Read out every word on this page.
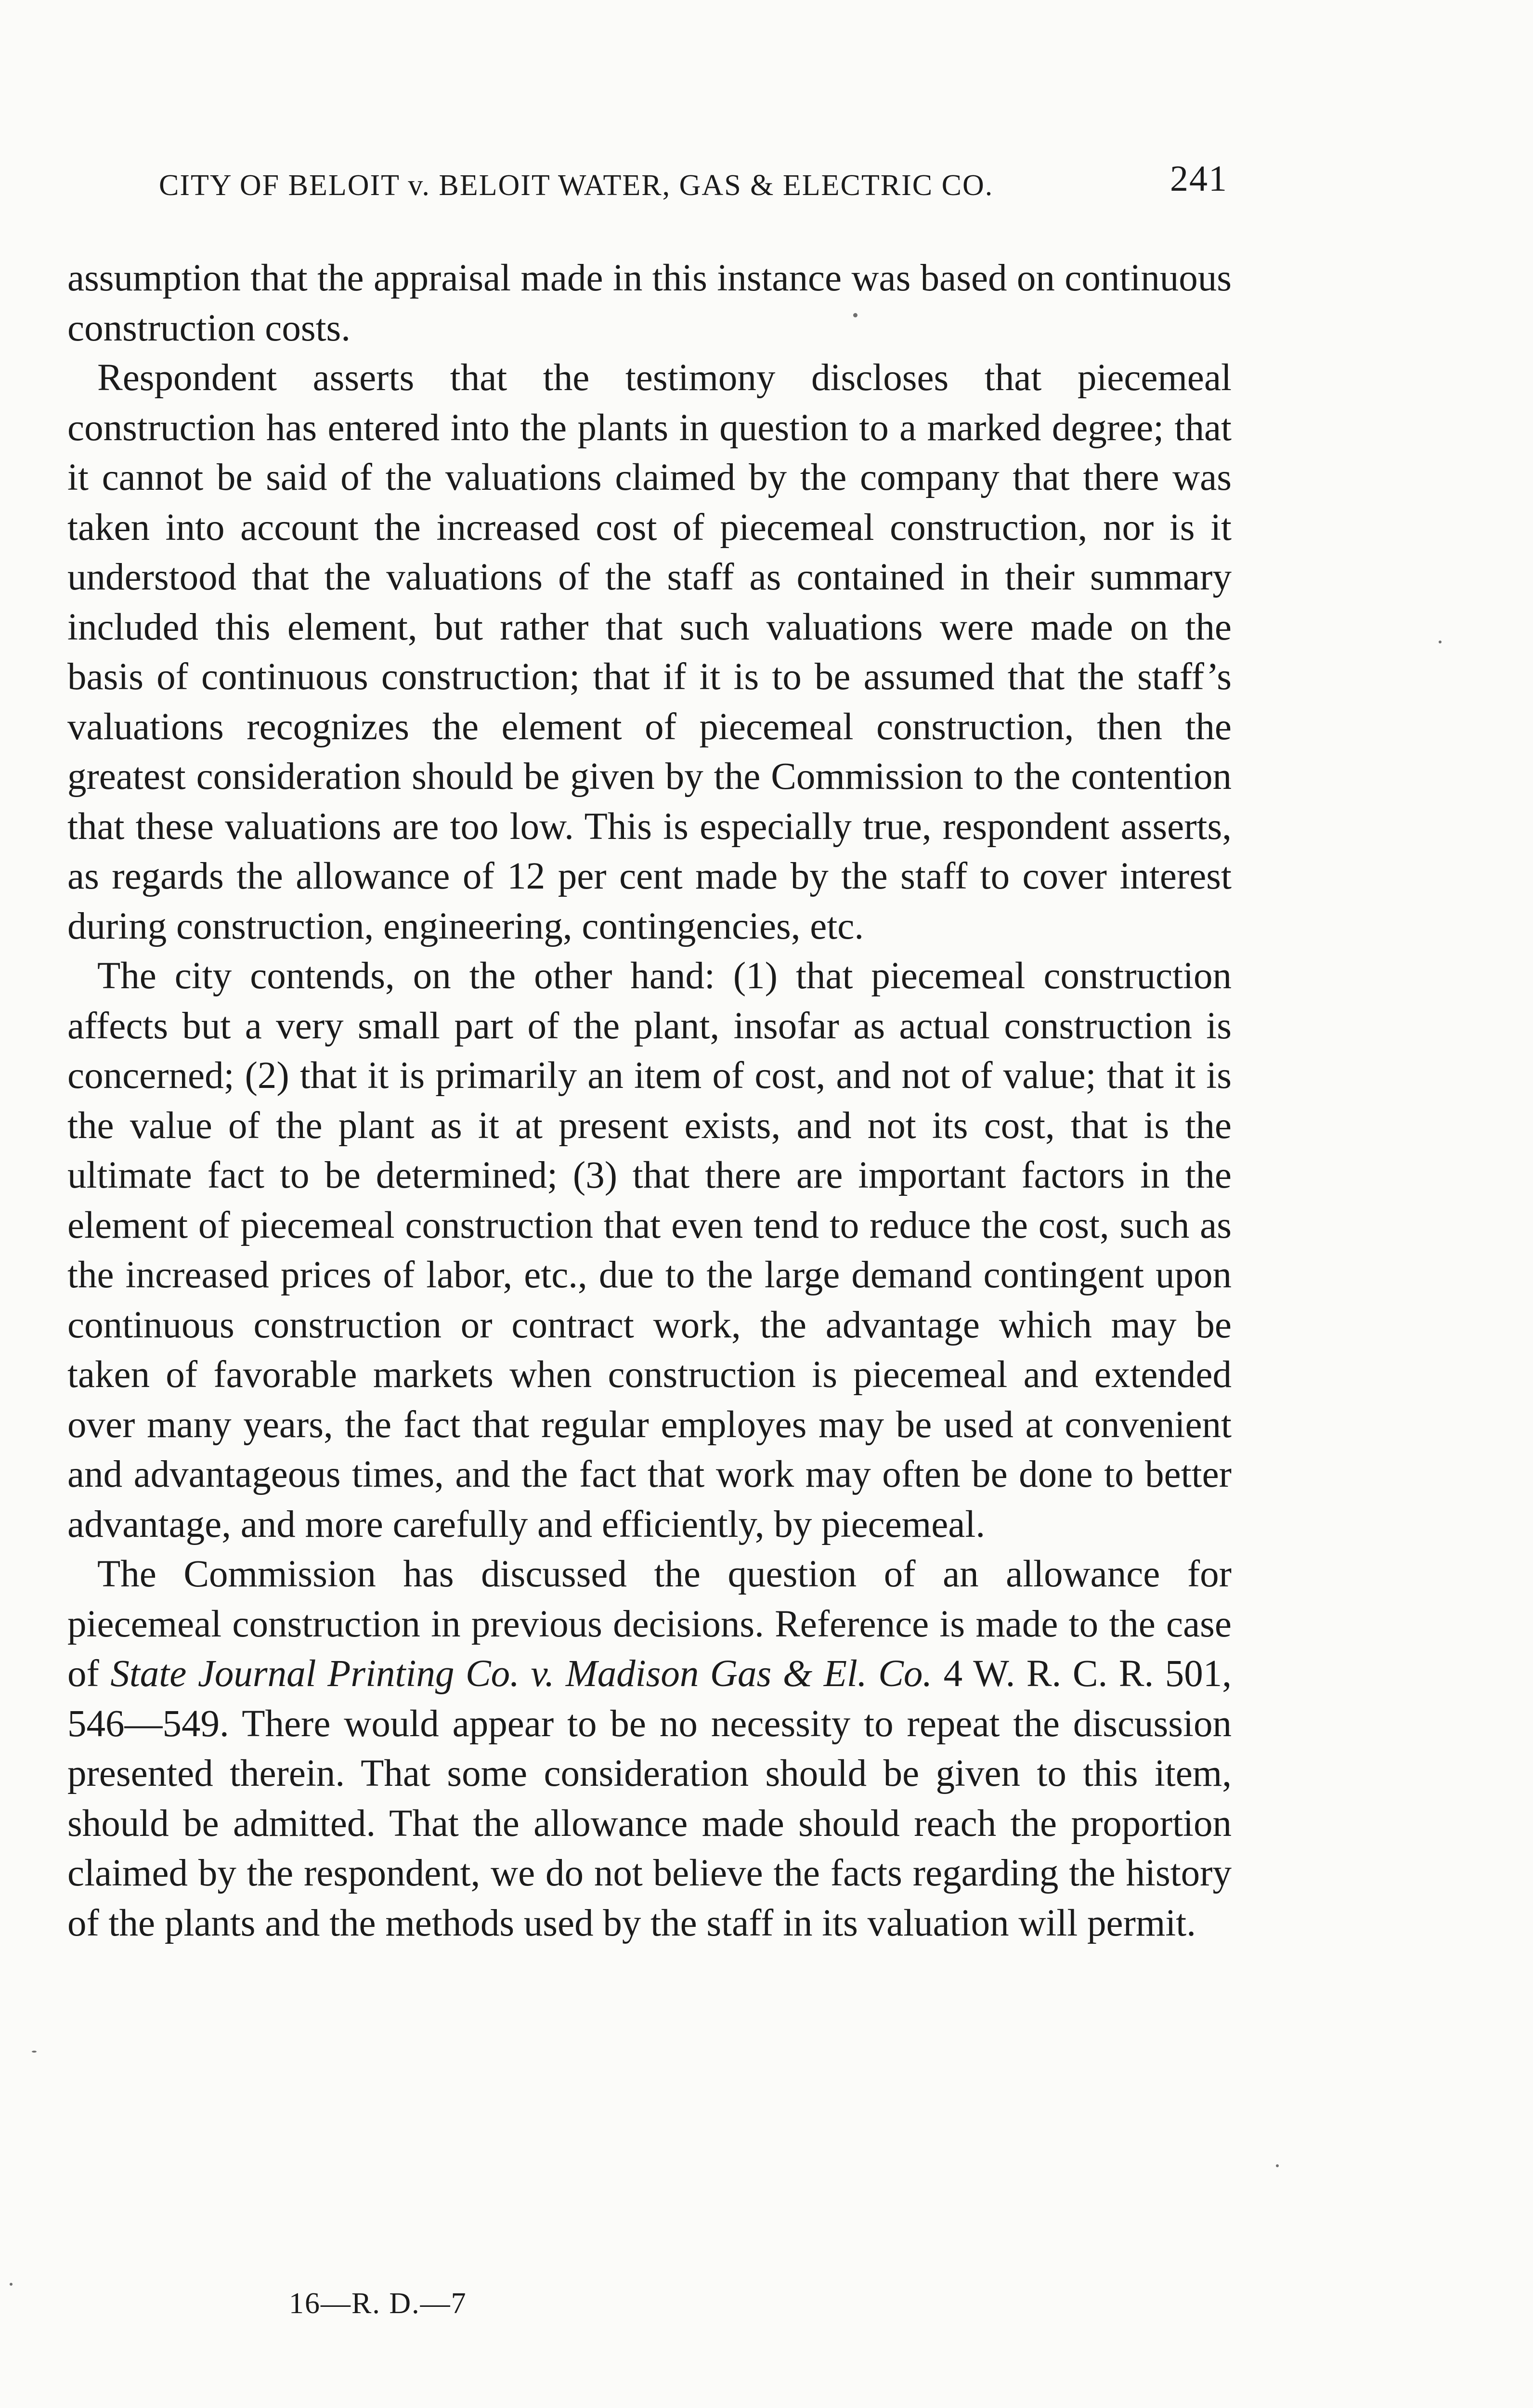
CITY OF BELOIT v. BELOIT WATER, GAS & ELECTRIC CO.	241

assumption that the appraisal made in this instance was based on continuous construction costs.

Respondent asserts that the testimony discloses that piecemeal construction has entered into the plants in question to a marked degree; that it cannot be said of the valuations claimed by the company that there was taken into account the increased cost of piecemeal construction, nor is it understood that the valuations of the staff as contained in their summary included this element, but rather that such valuations were made on the basis of continuous construction; that if it is to be assumed that the staff’s valuations recognizes the element of piecemeal construction, then the greatest consideration should be given by the Commission to the contention that these valuations are too low. This is especially true, respondent asserts, as regards the allowance of 12 per cent made by the staff to cover interest during construction, engineering, contingencies, etc.

The city contends, on the other hand: (1) that piecemeal construction affects but a very small part of the plant, insofar as actual construction is concerned; (2) that it is primarily an item of cost, and not of value; that it is the value of the plant as it at present exists, and not its cost, that is the ultimate fact to be determined; (3) that there are important factors in the element of piecemeal construction that even tend to reduce the cost, such as the increased prices of labor, etc., due to the large demand contingent upon continuous construction or contract work, the advantage which may be taken of favorable markets when construction is piecemeal and extended over many years, the fact that regular employes may be used at convenient and advantageous times, and the fact that work may often be done to better advantage, and more carefully and efficiently, by piecemeal.

The Commission has discussed the question of an allowance for piecemeal construction in previous decisions. Reference is made to the case of State Journal Printing Co. v. Madison Gas & El. Co. 4 W. R. C. R. 501, 546—549. There would appear to be no necessity to repeat the discussion presented therein. That some consideration should be given to this item, should be admitted. That the allowance made should reach the proportion claimed by the respondent, we do not believe the facts regarding the history of the plants and the methods used by the staff in its valuation will permit.

16—R. D.—7
